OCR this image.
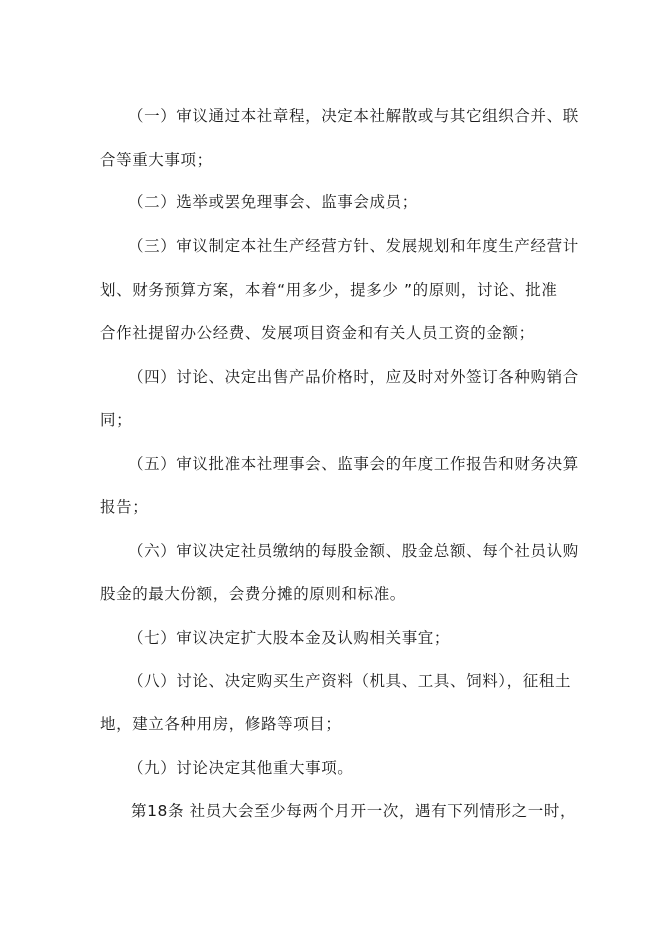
（一）审议通过本社章程，决定本社解散或与其它组织合并、联
合等重大事项；
（二）选举或罢免理事会、监事会成员；
（三）审议制定本社生产经营方针、发展规划和年度生产经营计
划、财务预算方案，本着“用多少，提多少 ”的原则，讨论、批准
合作社提留办公经费、发展项目资金和有关人员工资的金额；
（四）讨论、决定出售产品价格时，应及时对外签订各种购销合
同；
（五）审议批准本社理事会、监事会的年度工作报告和财务决算
报告；
（六）审议决定社员缴纳的每股金额、股金总额、每个社员认购
股金的最大份额，会费分摊的原则和标准。
（七）审议决定扩大股本金及认购相关事宜；
（八）讨论、决定购买生产资料（机具、工具、饲料），征租土
地，建立各种用房，修路等项目；
（九）讨论决定其他重大事项。
第18条 社员大会至少每两个月开一次，遇有下列情形之一时，
